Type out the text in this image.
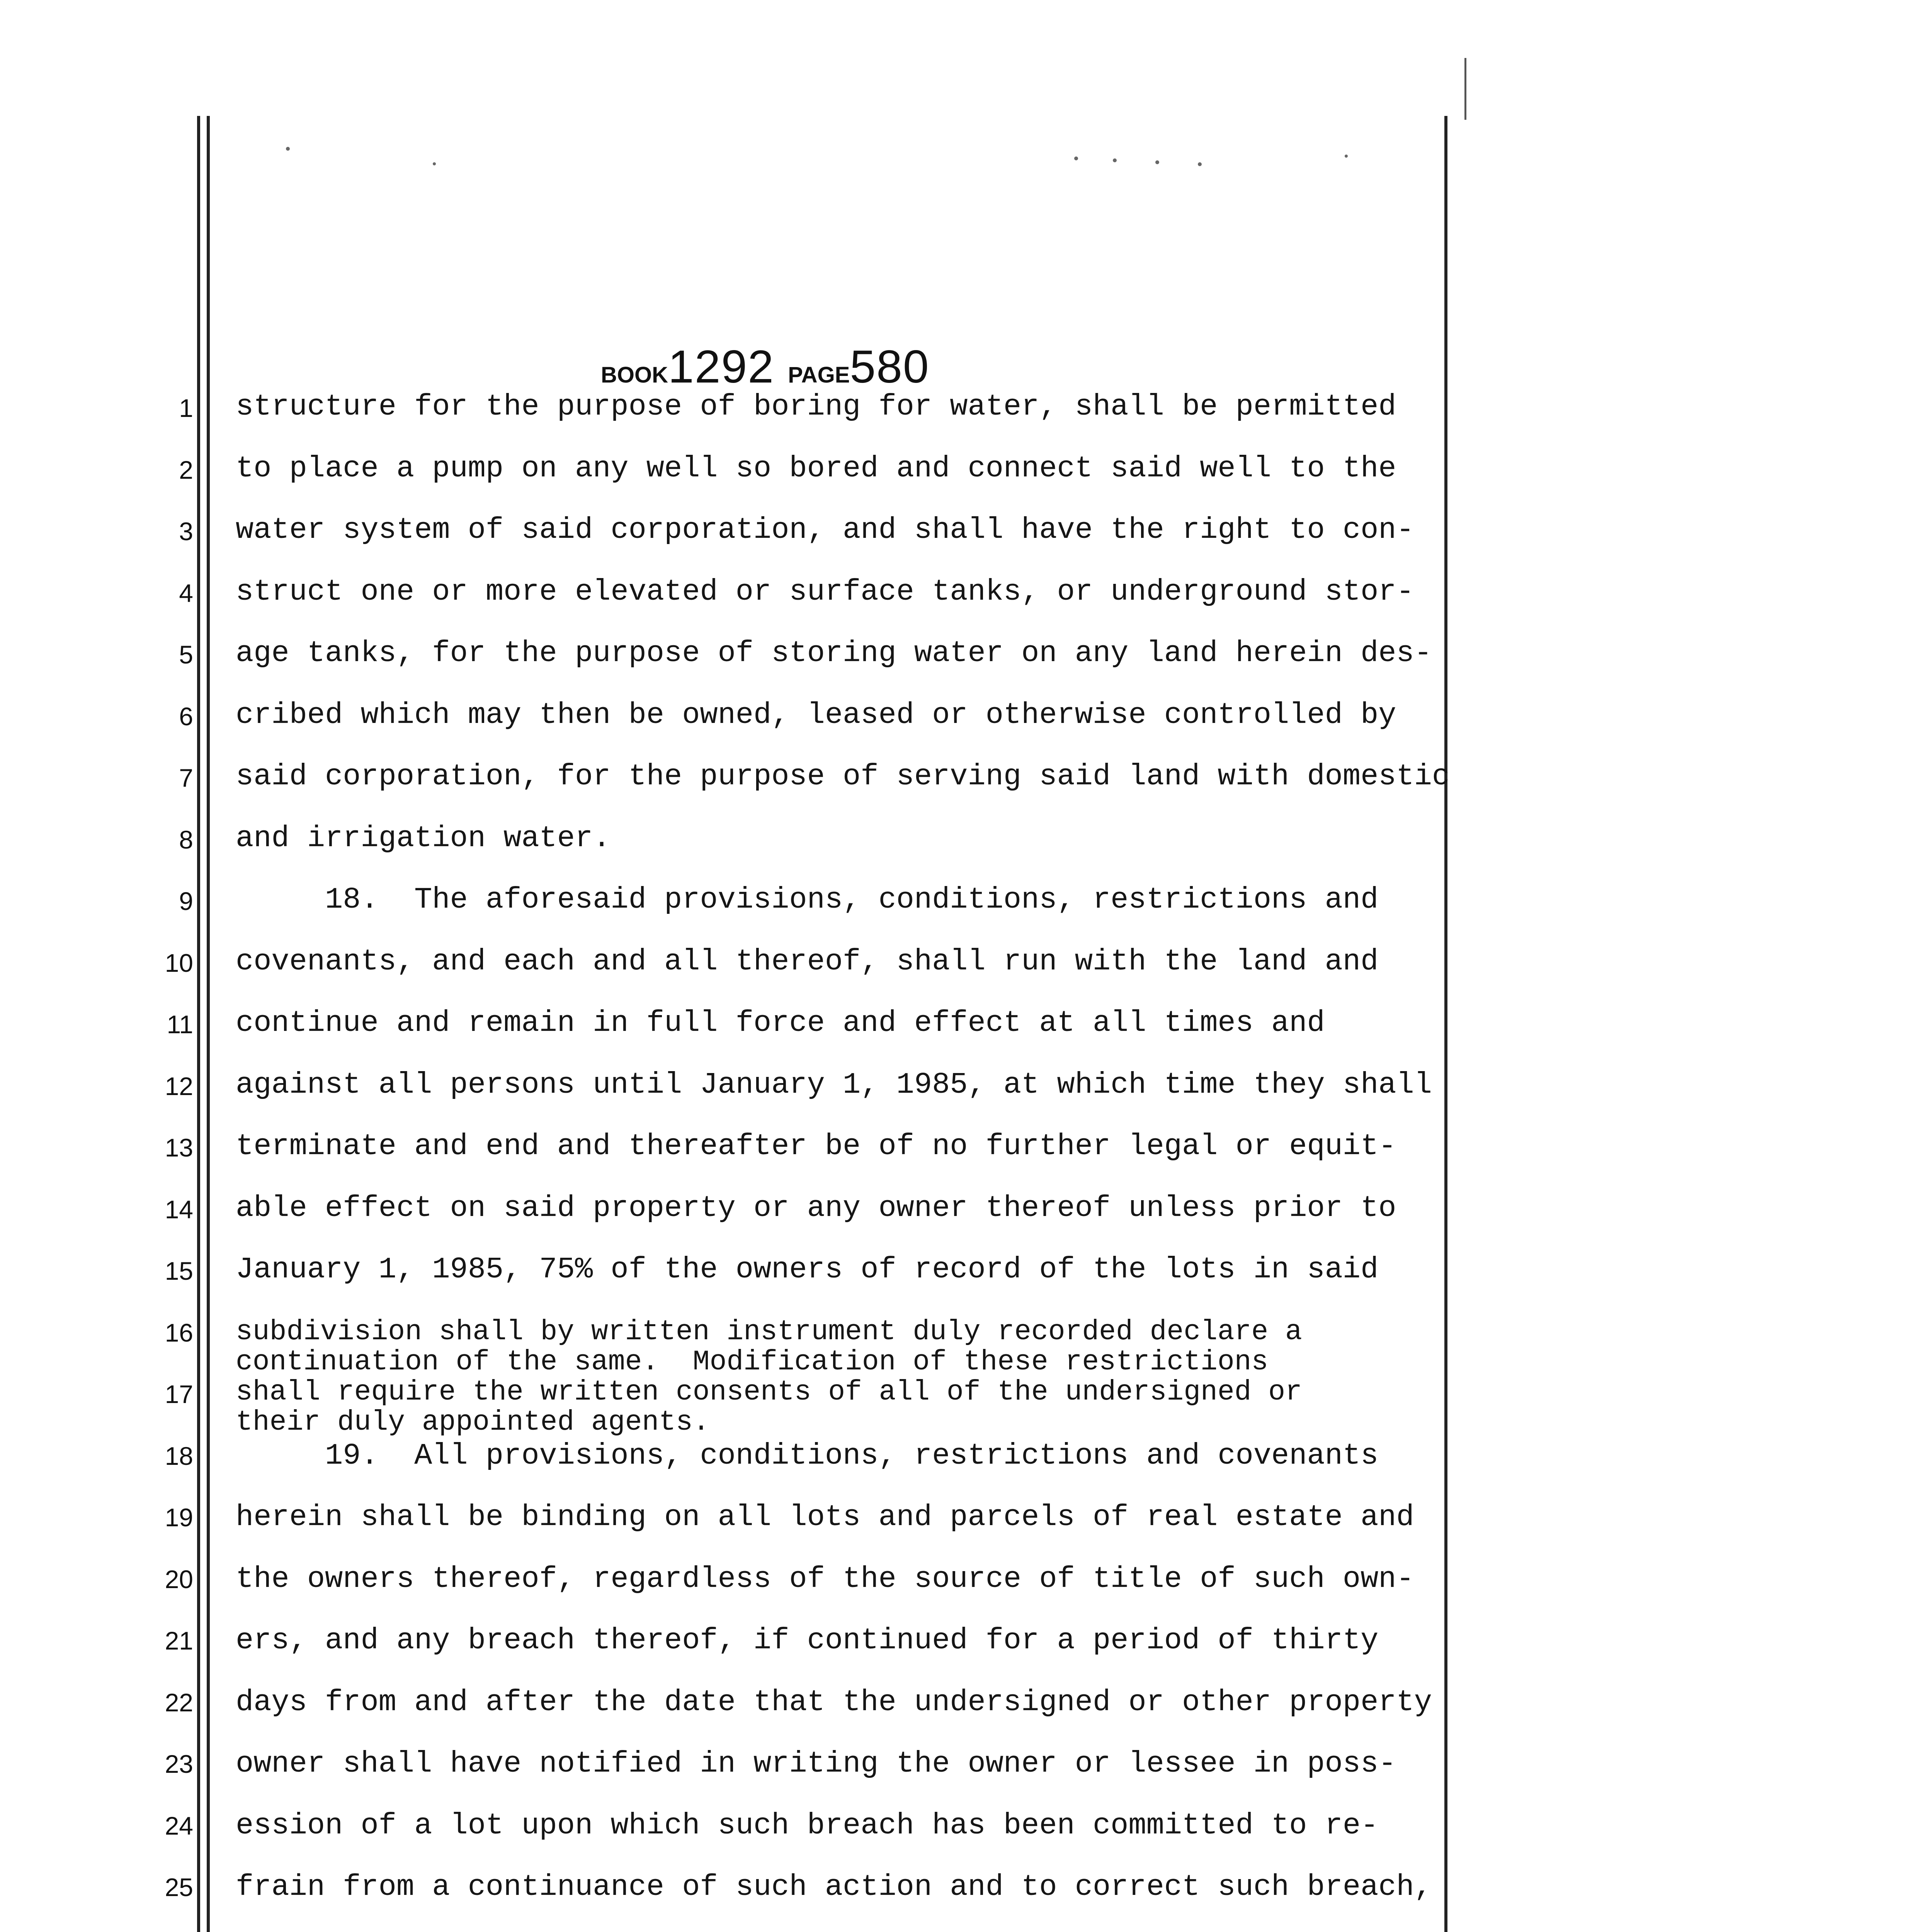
BOOK1292 PAGE580
1
2
3
4
5
6
7
8
9
10
11
12
13
14
15
16
17
18
19
20
21
22
23
24
25
structure for the purpose of boring for water, shall be permitted
to place a pump on any well so bored and connect said well to the
water system of said corporation, and shall have the right to con-
struct one or more elevated or surface tanks, or underground stor-
age tanks, for the purpose of storing water on any land herein des-
cribed which may then be owned, leased or otherwise controlled by
said corporation, for the purpose of serving said land with domestic
and irrigation water.
18.  The aforesaid provisions, conditions, restrictions and
covenants, and each and all thereof, shall run with the land and
continue and remain in full force and effect at all times and
against all persons until January 1, 1985, at which time they shall
terminate and end and thereafter be of no further legal or equit-
able effect on said property or any owner thereof unless prior to
January 1, 1985, 75% of the owners of record of the lots in said
subdivision shall by written instrument duly recorded declare a
continuation of the same.  Modification of these restrictions
shall require the written consents of all of the undersigned or
their duly appointed agents.
19.  All provisions, conditions, restrictions and covenants
herein shall be binding on all lots and parcels of real estate and
the owners thereof, regardless of the source of title of such own-
ers, and any breach thereof, if continued for a period of thirty
days from and after the date that the undersigned or other property
owner shall have notified in writing the owner or lessee in poss-
ession of a lot upon which such breach has been committed to re-
frain from a continuance of such action and to correct such breach,
